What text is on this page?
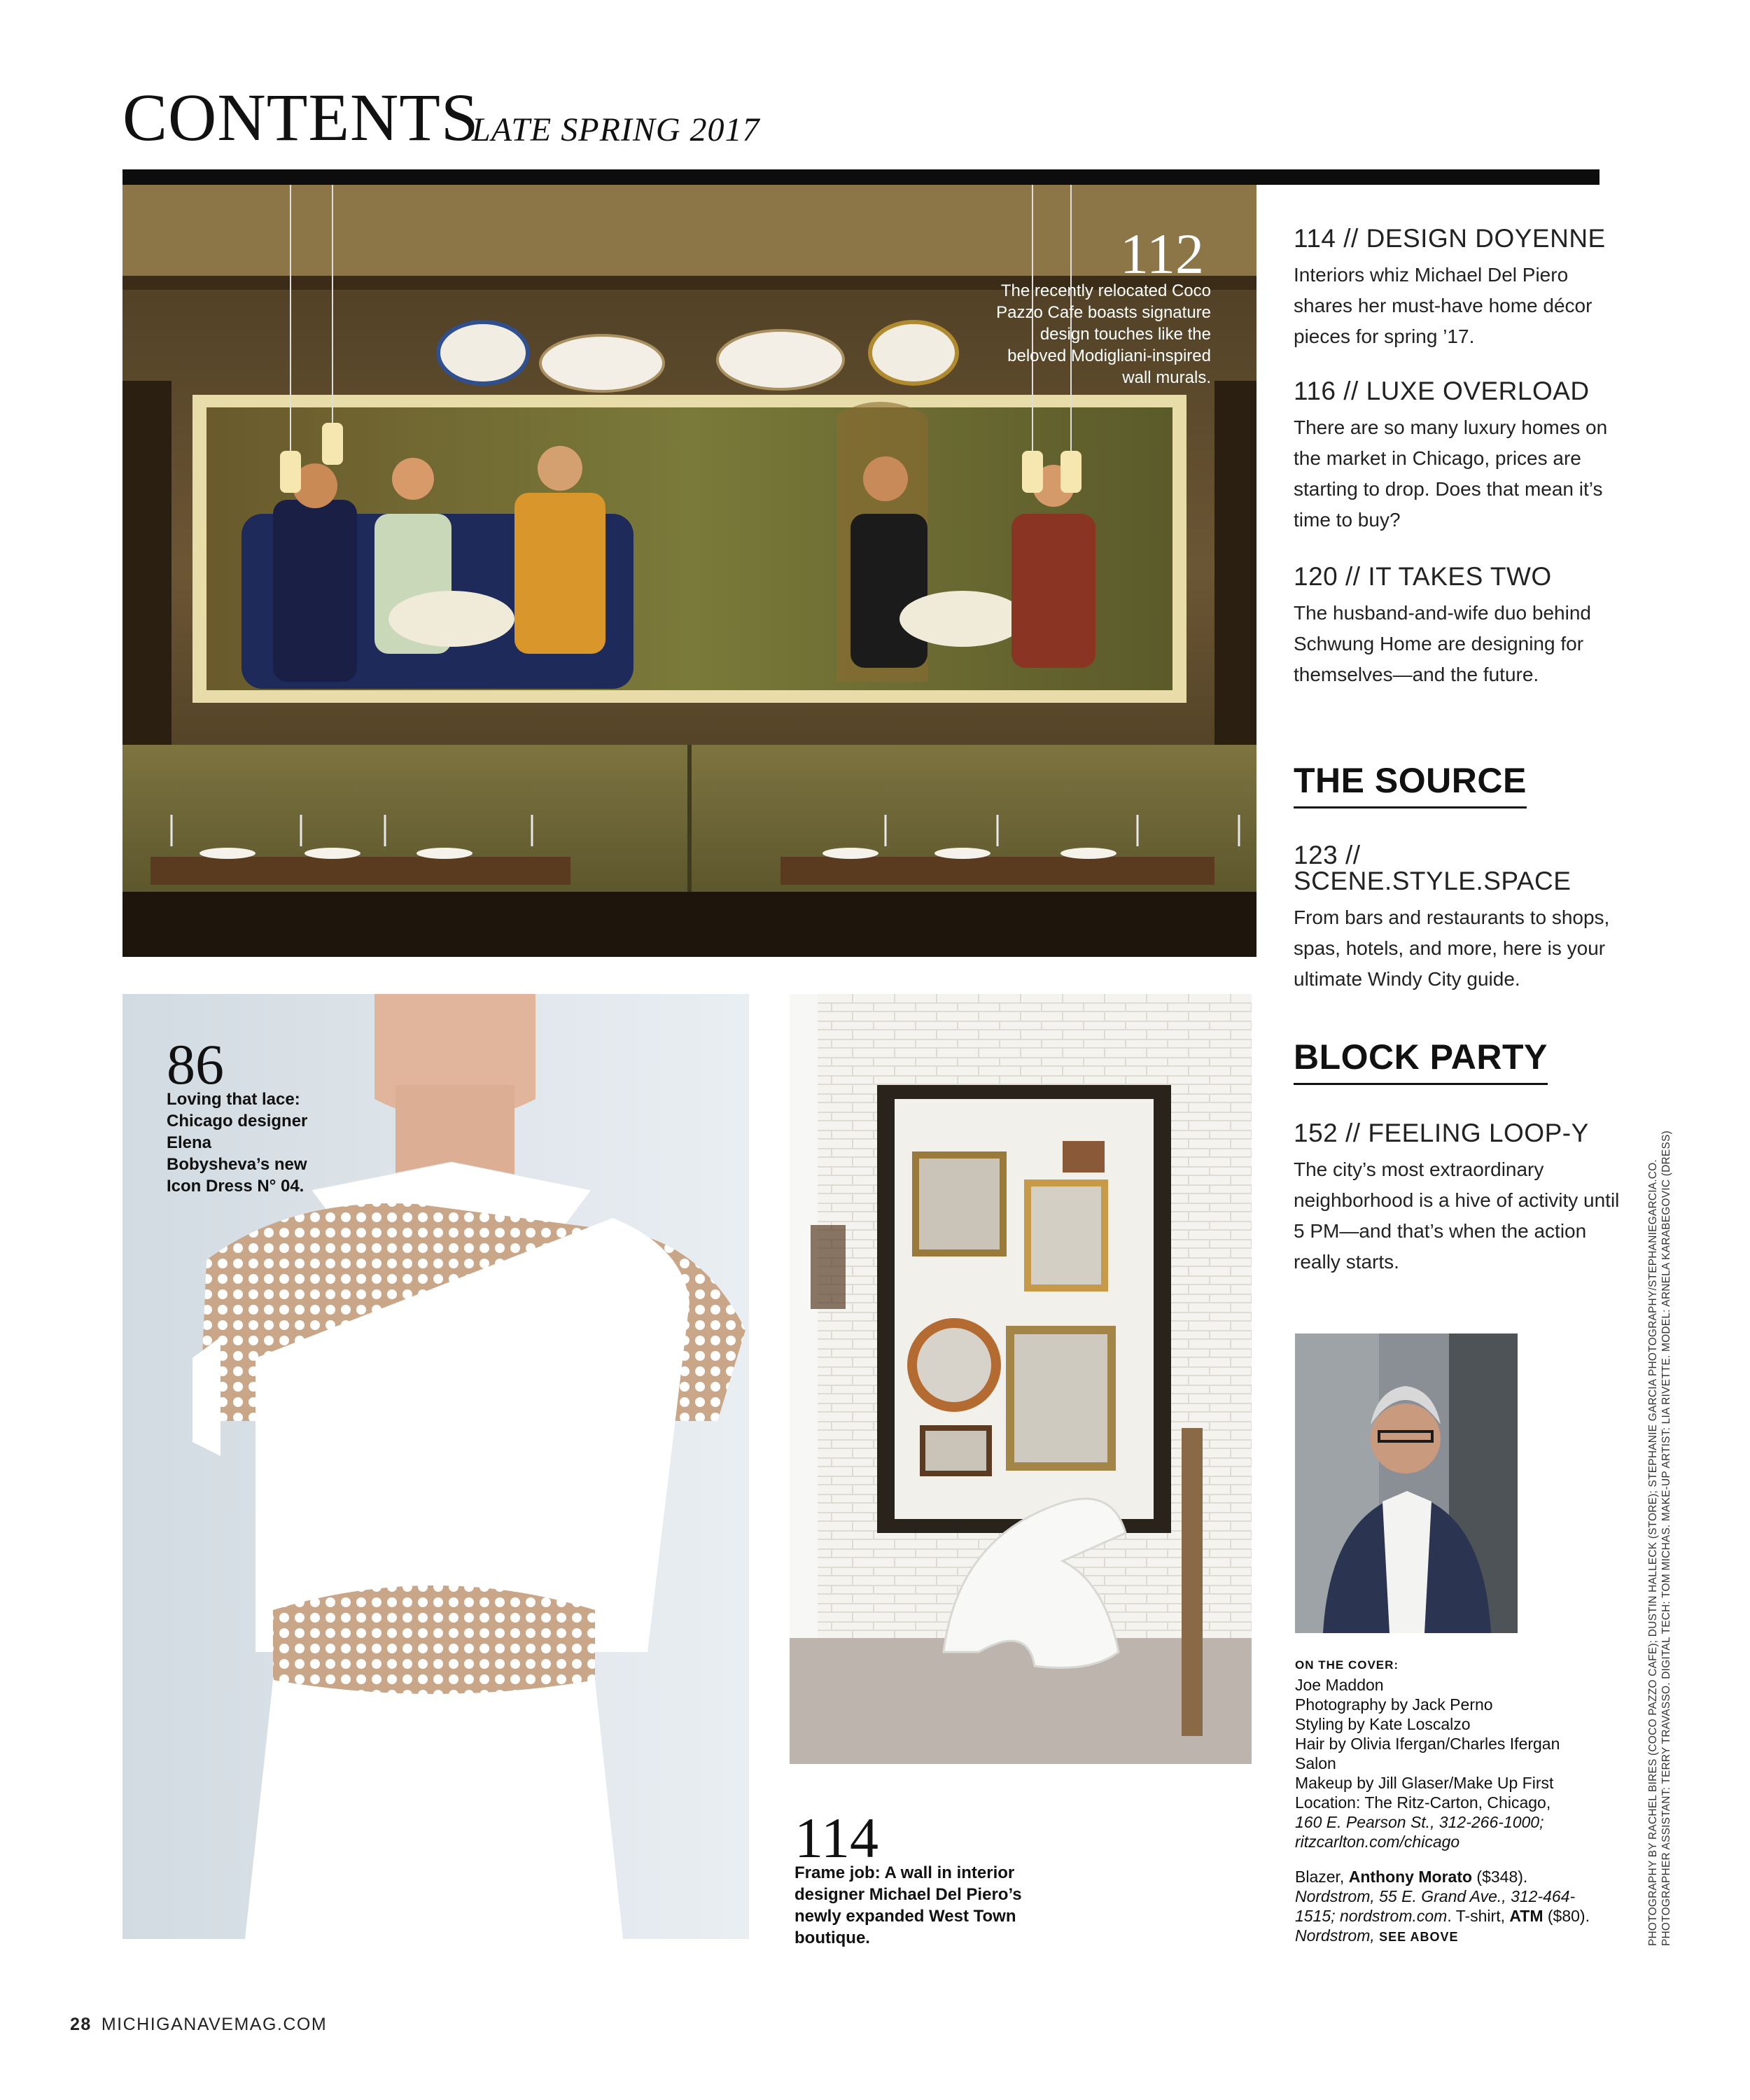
CONTENTS
LATE SPRING 2017
112
The recently relocated Coco Pazzo Cafe boasts signature design touches like the beloved Modigliani-inspired wall murals.
86
Loving that lace: Chicago designer Elena Bobysheva’s new Icon Dress N° 04.
114
Frame job: A wall in interior designer Michael Del Piero’s newly expanded West Town boutique.
114 // DESIGN DOYENNE
Interiors whiz Michael Del Piero shares her must-have home décor pieces for spring ’17.
116 // LUXE OVERLOAD
There are so many luxury homes on the market in Chicago, prices are starting to drop. Does that mean it’s time to buy?
120 // IT TAKES TWO
The husband-and-wife duo behind Schwung Home are designing for themselves—and the future.
THE SOURCE
123 // SCENE.STYLE.SPACE
From bars and restaurants to shops, spas, hotels, and more, here is your ultimate Windy City guide.
BLOCK PARTY
152 // FEELING LOOP-Y
The city’s most extraordinary neighborhood is a hive of activity until 5 PM—and that’s when the action really starts.
ON THE COVER:
Joe Maddon
Photography by Jack Perno
Styling by Kate Loscalzo
Hair by Olivia Ifergan/Charles Ifergan Salon
Makeup by Jill Glaser/Make Up First
Location: The Ritz-Carton, Chicago,
160 E. Pearson St., 312-266-1000; ritzcarlton.com/chicago
Blazer, Anthony Morato ($348). Nordstrom, 55 E. Grand Ave., 312-464-1515; nordstrom.com. T-shirt, ATM ($80). Nordstrom, SEE ABOVE	PHOTOGRAPHY BY RACHEL BIRES (COCO PAZZO CAFE); DUSTIN HALLECK (STORE); STEPHANIE GARCIA PHOTOGRAPHY/STEPHANIEGARCIA.CO. PHOTOGRAPHER ASSISTANT: TERRY TRAVASSO. DIGITAL TECH: TOM MICHAS. MAKE-UP ARTIST: LIA RIVETTE. MODEL: ARNELA KARABEGOVIC (DRESS)
28 MICHIGANAVEMAG.COM
